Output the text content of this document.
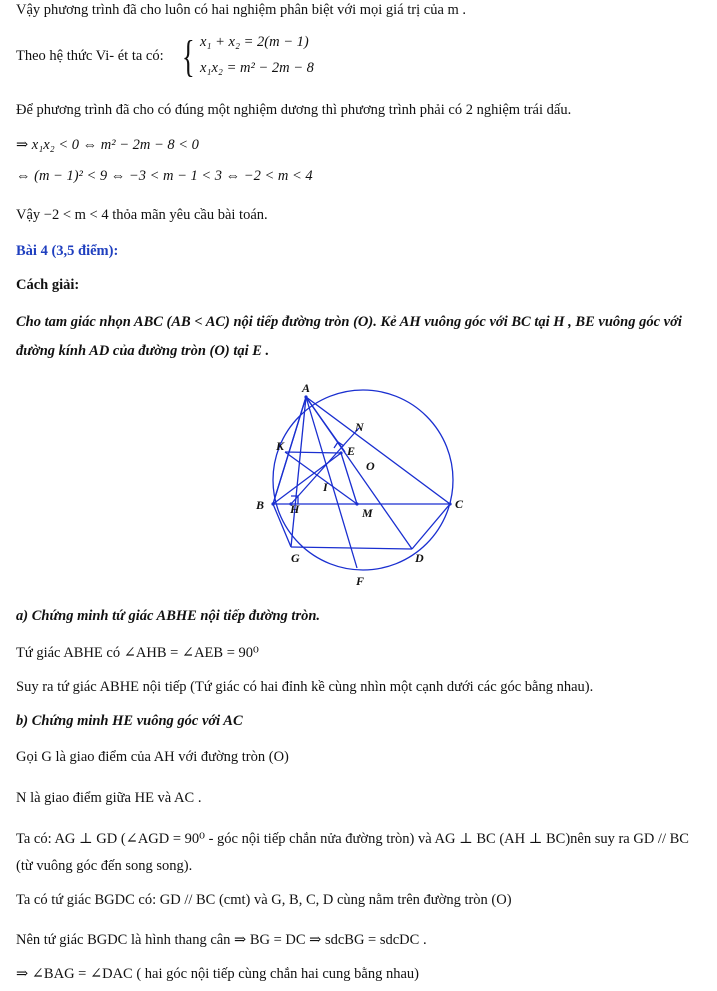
Vậy phương trình đã cho luôn có hai nghiệm phân biệt với mọi giá trị của m .
Theo hệ thức Vi- ét ta có: { x₁ + x₂ = 2(m − 1)
x₁x₂ = m² − 2m − 8
Để phương trình đã cho có đúng một nghiệm dương thì phương trình phải có 2 nghiệm trái dấu.
⇒ x₁x₂ < 0 ⇔ m² − 2m − 8 < 0
⇔ (m − 1)² < 9 ⇔ −3 < m − 1 < 3 ⇔ −2 < m < 4
Vậy −2 < m < 4 thỏa mãn yêu cầu bài toán.
Bài 4 (3,5 điểm):
Cách giải:
Cho tam giác nhọn ABC (AB < AC) nội tiếp đường tròn (O). Kẻ AH vuông góc với BC tại H , BE vuông góc với đường kính AD của đường tròn (O) tại E .
A
N
K	E
O
I
B H	M
C
G	D
F
a) Chứng minh tứ giác ABHE nội tiếp đường tròn.
Tứ giác ABHE có ∠AHB = ∠AEB = 90⁰
Suy ra tứ giác ABHE nội tiếp (Tứ giác có hai đỉnh kề cùng nhìn một cạnh dưới các góc bằng nhau).
b) Chứng minh HE vuông góc với AC
Gọi G là giao điểm của AH với đường tròn (O)
N là giao điểm giữa HE và AC .
Ta có: AG ⊥ GD (∠AGD = 90⁰ - góc nội tiếp chắn nửa đường tròn) và AG ⊥ BC (AH ⊥ BC)nên suy ra GD // BC (từ vuông góc đến song song).
Ta có tứ giác BGDC có: GD // BC (cmt) và G, B, C, D cùng nằm trên đường tròn (O)
Nên tứ giác BGDC là hình thang cân ⇒ BG = DC ⇒ sdcBG = sdcDC .
⇒ ∠BAG = ∠DAC ( hai góc nội tiếp cùng chắn hai cung bằng nhau)
